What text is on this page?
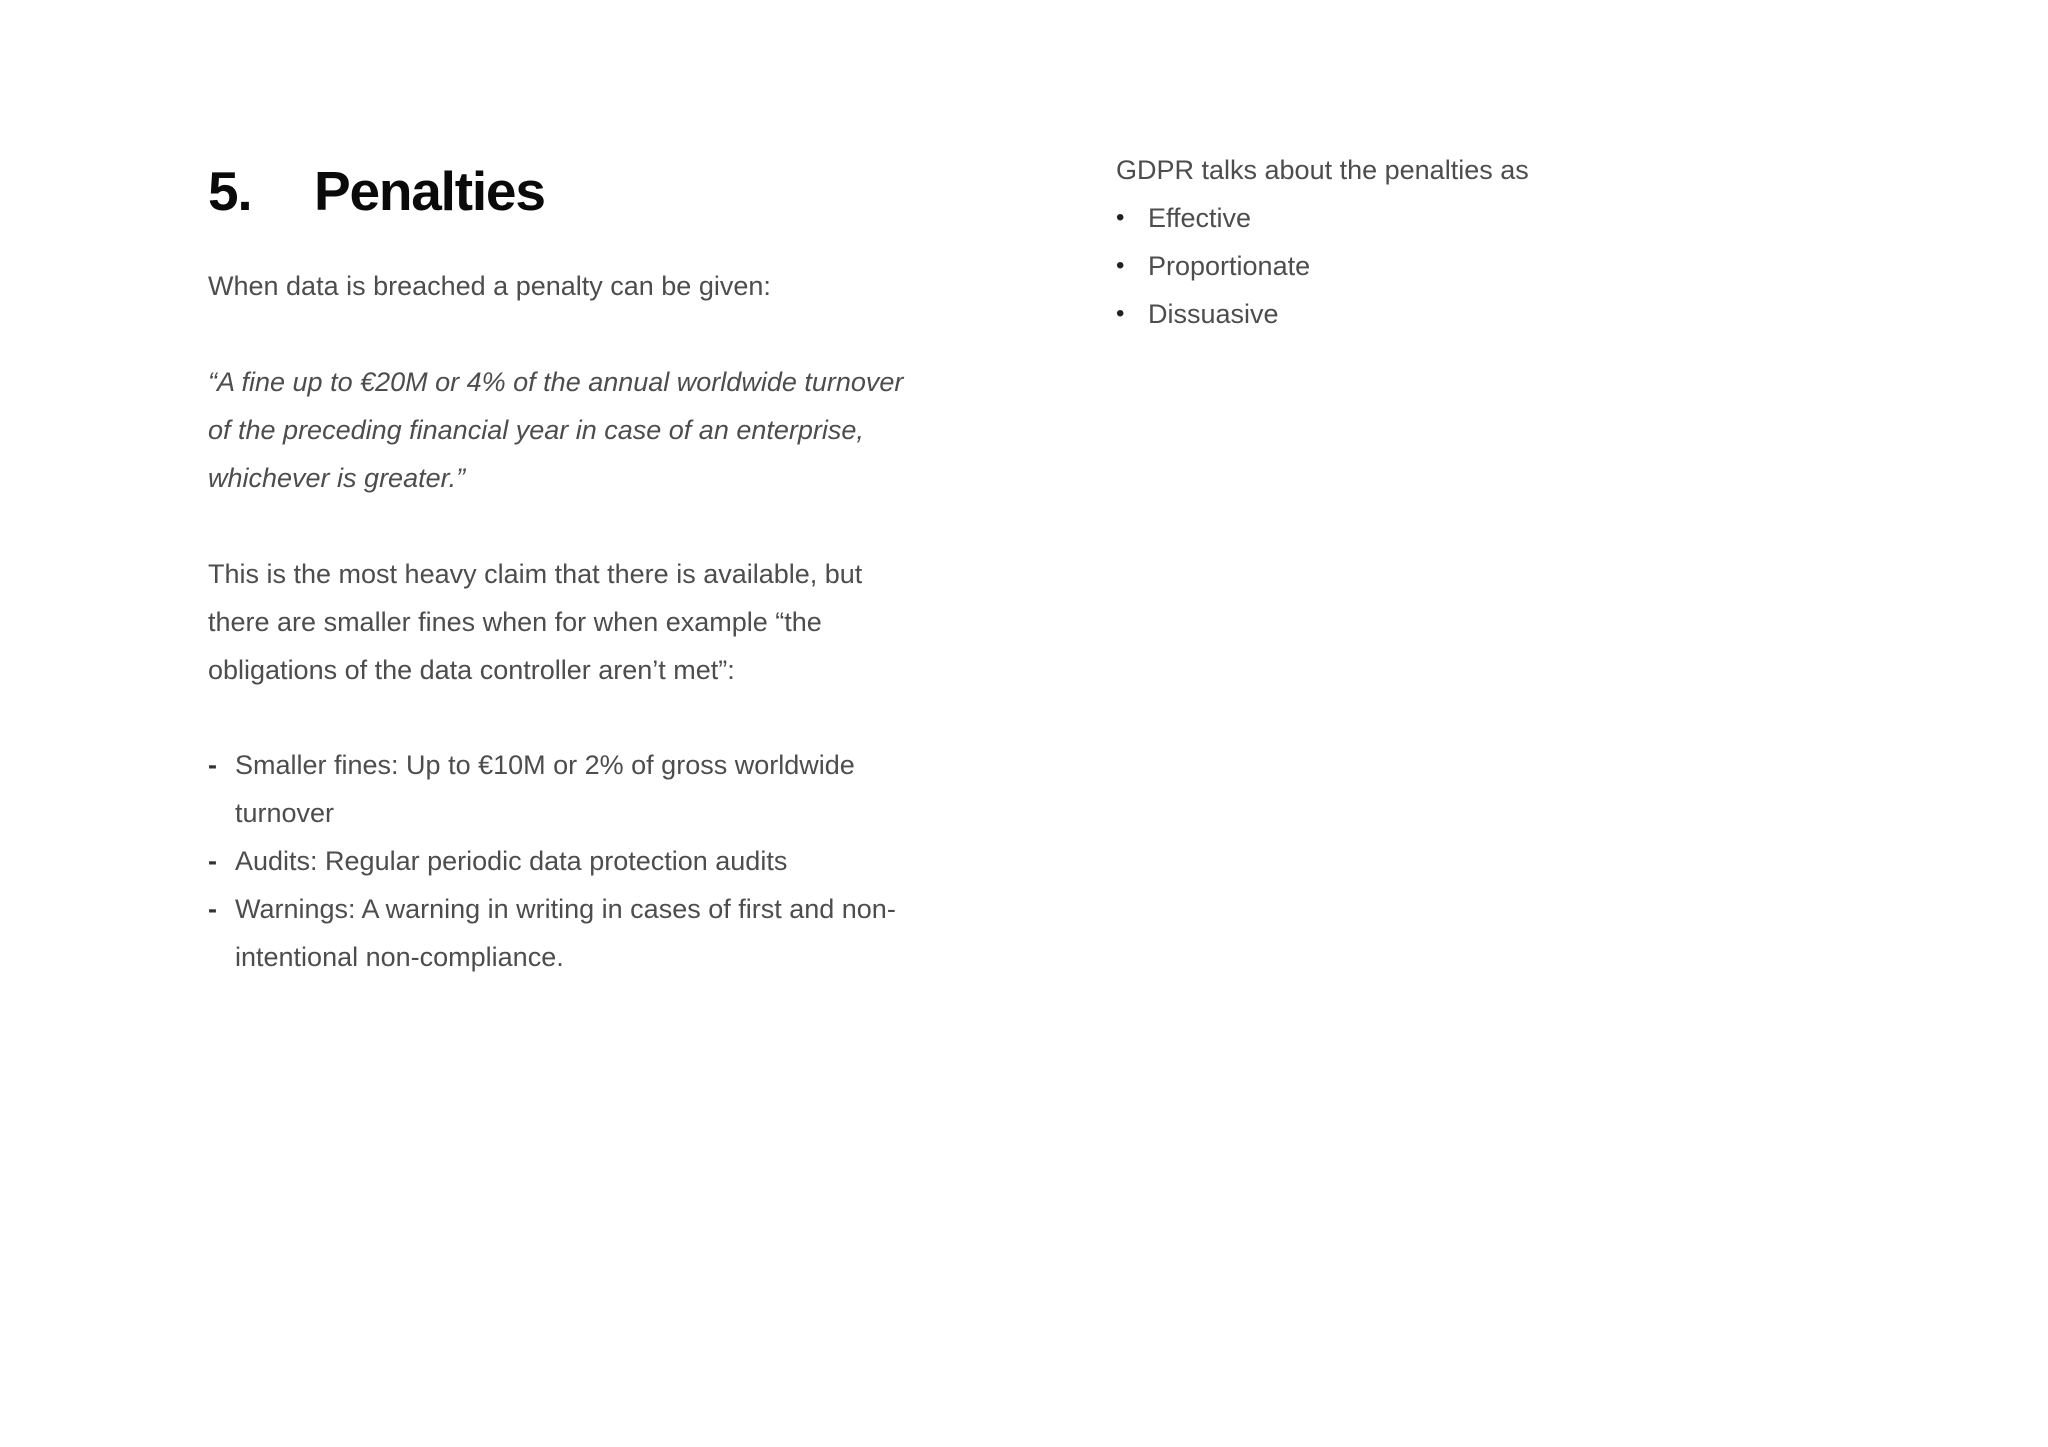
5.	Penalties

When data is breached a penalty can be given:

“A fine up to €20M or 4% of the annual worldwide turnover
of the preceding financial year in case of an enterprise,
whichever is greater.”

This is the most heavy claim that there is available, but
there are smaller fines when for when example “the
obligations of the data controller aren’t met”:

- Smaller fines: Up to €10M or 2% of gross worldwide
turnover
- Audits: Regular periodic data protection audits
- Warnings: A warning in writing in cases of first and non-
intentional non-compliance.

GDPR talks about the penalties as

• Effective
• Proportionate
• Dissuasive
